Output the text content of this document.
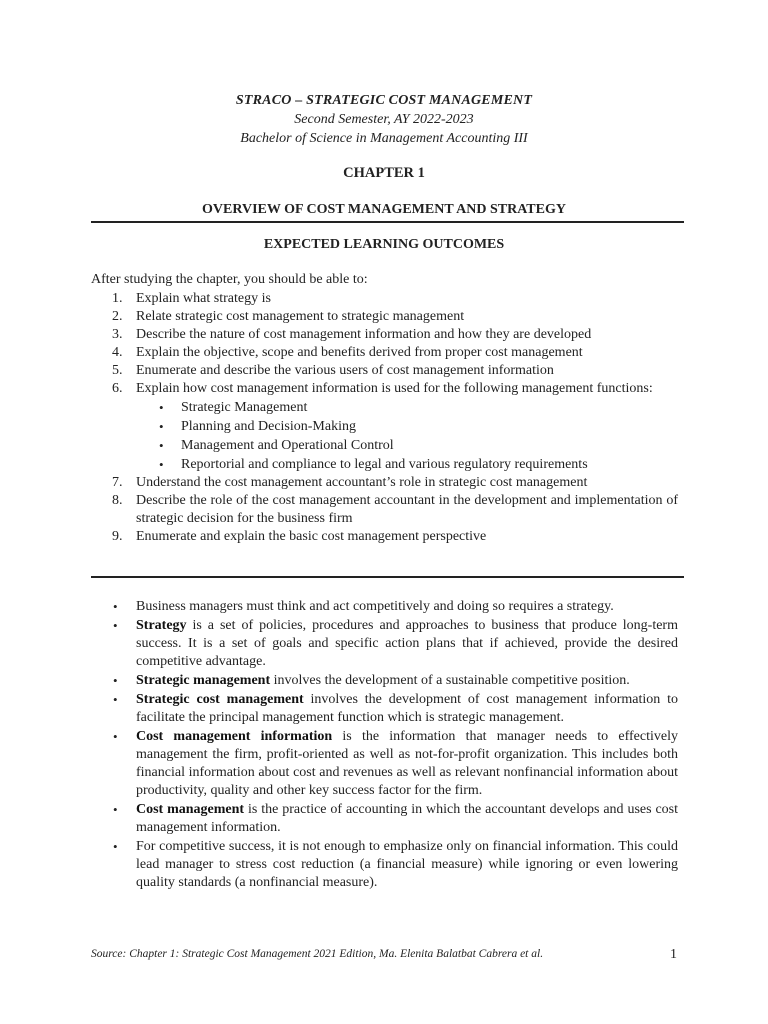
STRACO – STRATEGIC COST MANAGEMENT
Second Semester, AY 2022-2023
Bachelor of Science in Management Accounting III
CHAPTER 1
OVERVIEW OF COST MANAGEMENT AND STRATEGY
EXPECTED LEARNING OUTCOMES
After studying the chapter, you should be able to:
1. Explain what strategy is
2. Relate strategic cost management to strategic management
3. Describe the nature of cost management information and how they are developed
4. Explain the objective, scope and benefits derived from proper cost management
5. Enumerate and describe the various users of cost management information
6. Explain how cost management information is used for the following management functions:
• Strategic Management
• Planning and Decision-Making
• Management and Operational Control
• Reportorial and compliance to legal and various regulatory requirements
7. Understand the cost management accountant’s role in strategic cost management
8. Describe the role of the cost management accountant in the development and implementation of strategic decision for the business firm
9. Enumerate and explain the basic cost management perspective
• Business managers must think and act competitively and doing so requires a strategy.
• Strategy is a set of policies, procedures and approaches to business that produce long-term success. It is a set of goals and specific action plans that if achieved, provide the desired competitive advantage.
• Strategic management involves the development of a sustainable competitive position.
• Strategic cost management involves the development of cost management information to facilitate the principal management function which is strategic management.
• Cost management information is the information that manager needs to effectively management the firm, profit-oriented as well as not-for-profit organization. This includes both financial information about cost and revenues as well as relevant nonfinancial information about productivity, quality and other key success factor for the firm.
• Cost management is the practice of accounting in which the accountant develops and uses cost management information.
• For competitive success, it is not enough to emphasize only on financial information. This could lead manager to stress cost reduction (a financial measure) while ignoring or even lowering quality standards (a nonfinancial measure).
Source: Chapter 1: Strategic Cost Management 2021 Edition, Ma. Elenita Balatbat Cabrera et al.	1
